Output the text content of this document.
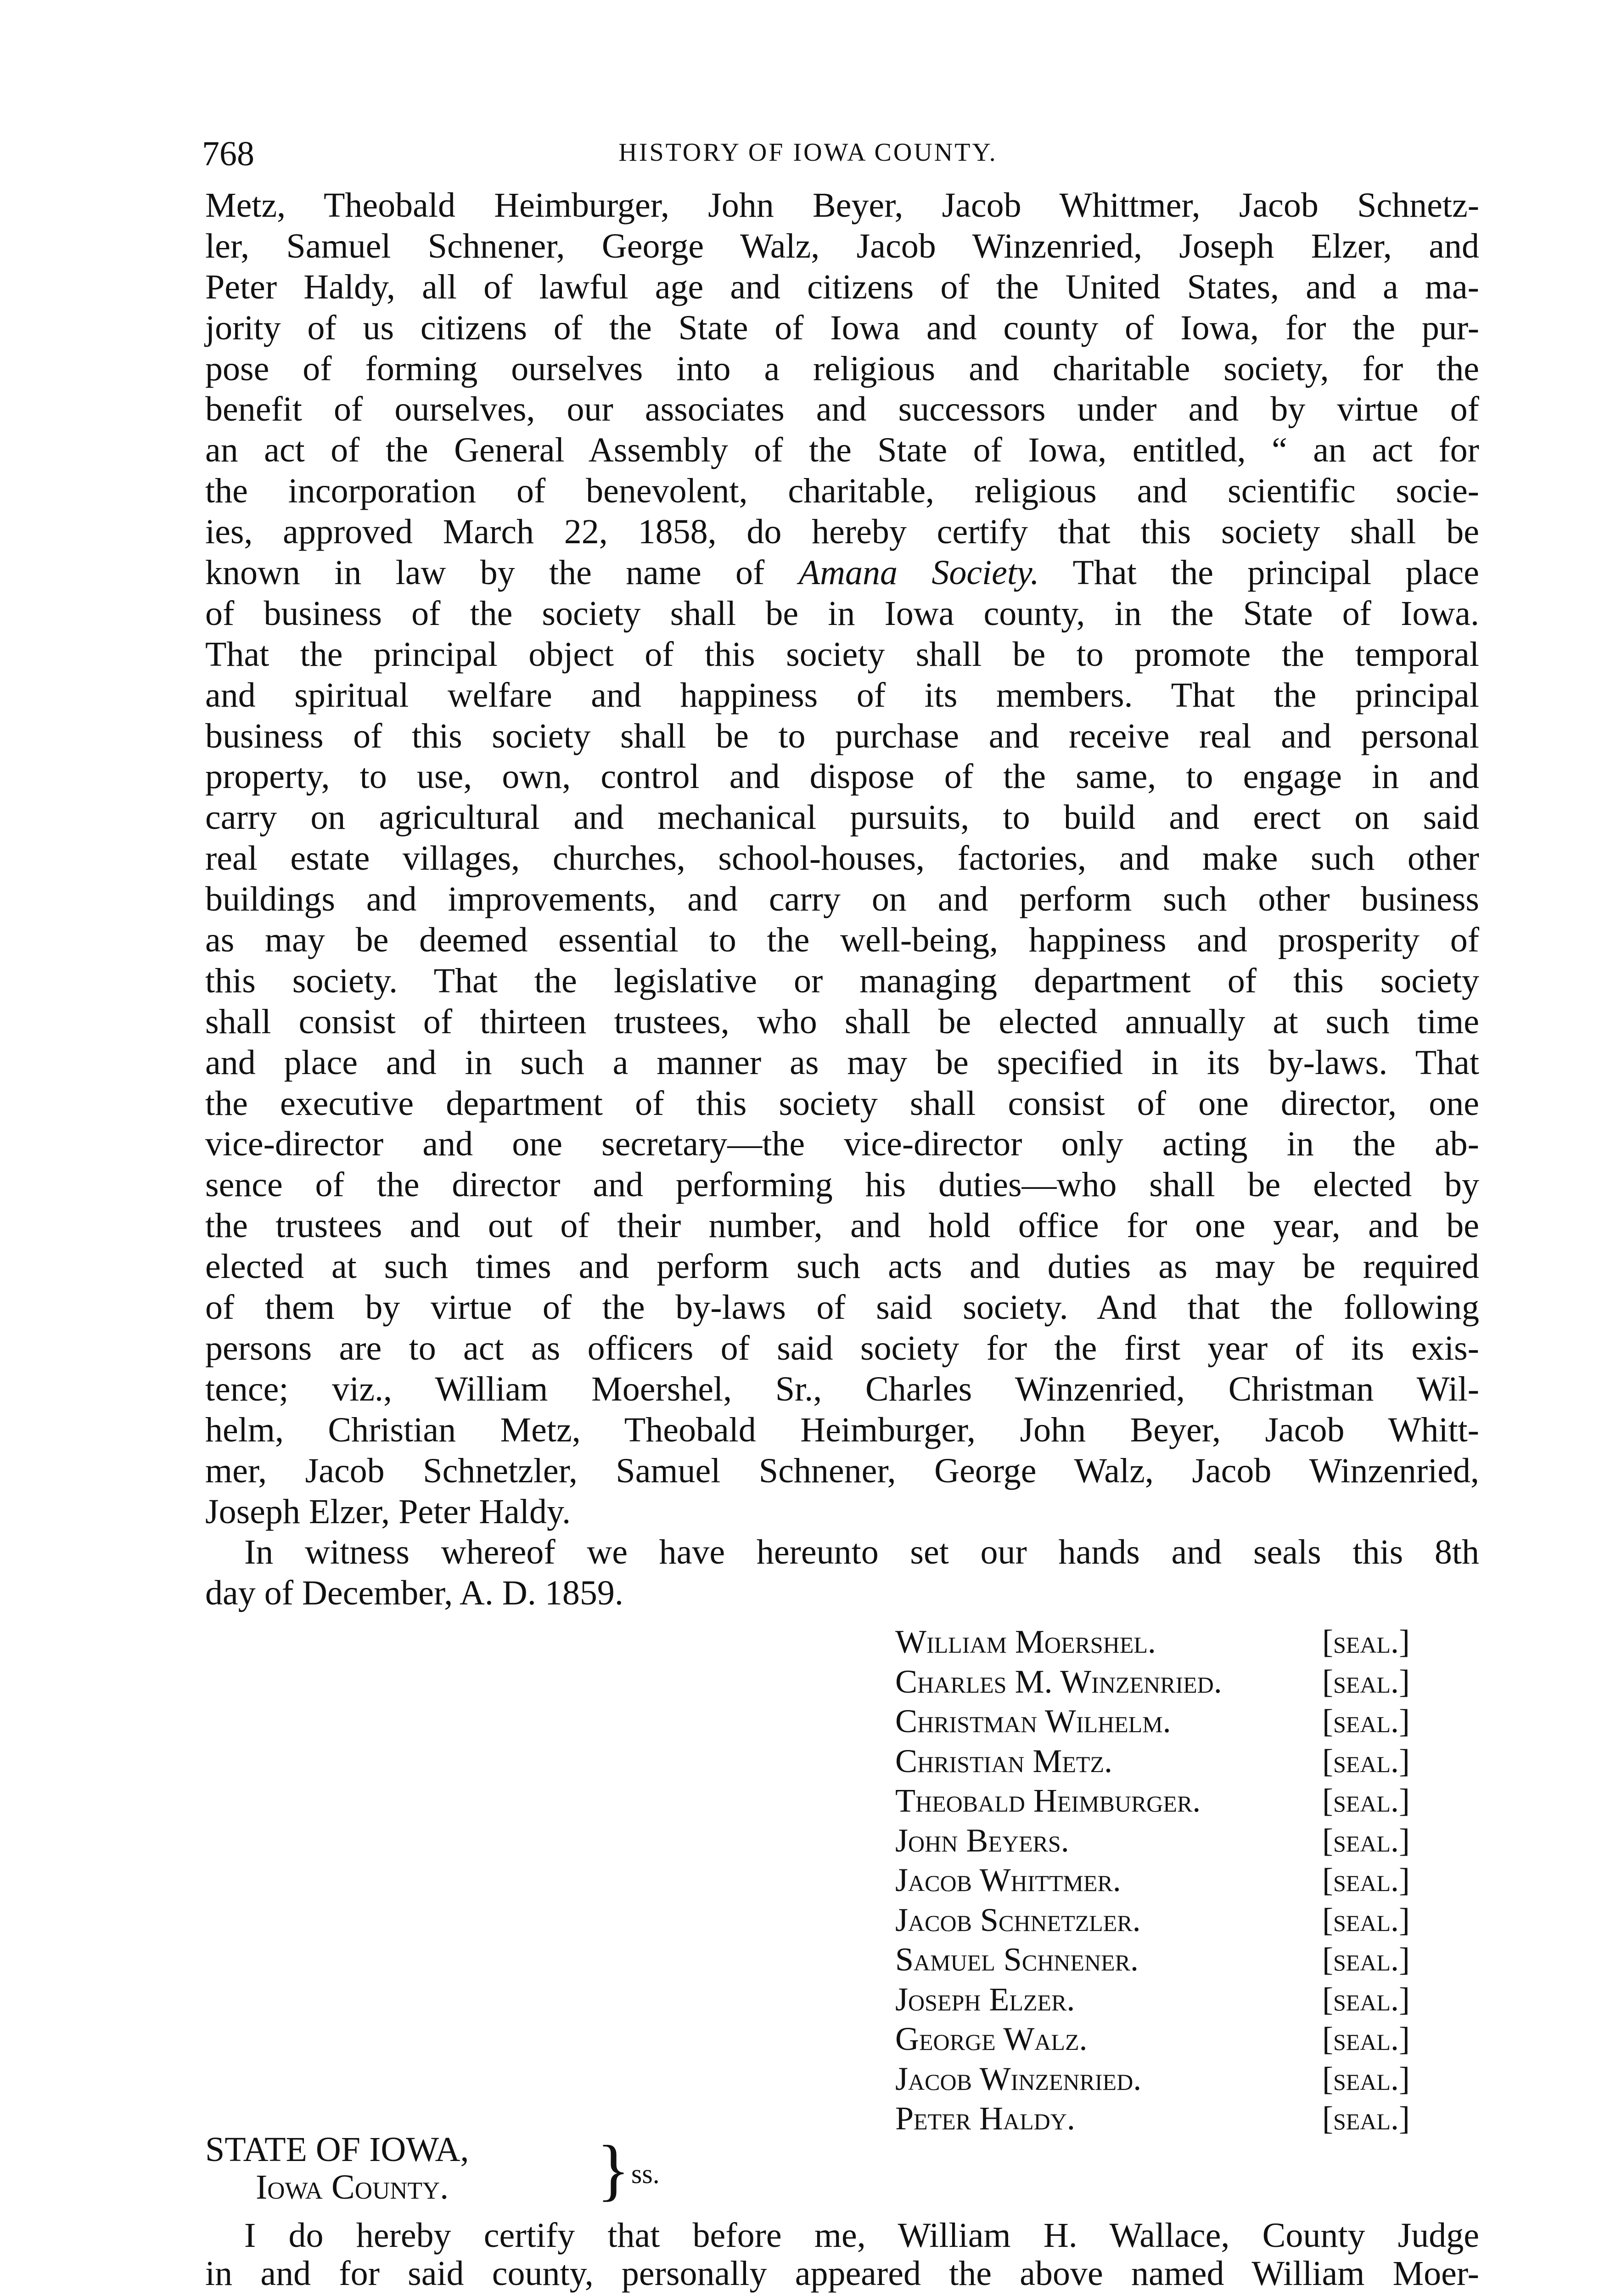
768	HISTORY OF IOWA COUNTY.
Metz, Theobald Heimburger, John Beyer, Jacob Whittmer, Jacob Schnetz-
ler, Samuel Schnener, George Walz, Jacob Winzenried, Joseph Elzer, and
Peter Haldy, all of lawful age and citizens of the United States, and a ma-
jority of us citizens of the State of Iowa and county of Iowa, for the pur-
pose of forming ourselves into a religious and charitable society, for the
benefit of ourselves, our associates and successors under and by virtue of
an act of the General Assembly of the State of Iowa, entitled, “ an act for
the incorporation of benevolent, charitable, religious and scientific socie-
ies, approved March 22, 1858, do hereby certify that this society shall be
known in law by the name of Amana Society. That the principal place
of business of the society shall be in Iowa county, in the State of Iowa.
That the principal object of this society shall be to promote the temporal
and spiritual welfare and happiness of its members. That the principal
business of this society shall be to purchase and receive real and personal
property, to use, own, control and dispose of the same, to engage in and
carry on agricultural and mechanical pursuits, to build and erect on said
real estate villages, churches, school-houses, factories, and make such other
buildings and improvements, and carry on and perform such other business
as may be deemed essential to the well-being, happiness and prosperity of
this society. That the legislative or managing department of this society
shall consist of thirteen trustees, who shall be elected annually at such time
and place and in such a manner as may be specified in its by-laws. That
the executive department of this society shall consist of one director, one
vice-director and one secretary—the vice-director only acting in the ab-
sence of the director and performing his duties—who shall be elected by
the trustees and out of their number, and hold office for one year, and be
elected at such times and perform such acts and duties as may be required
of them by virtue of the by-laws of said society. And that the following
persons are to act as officers of said society for the first year of its exis-
tence; viz., William Moershel, Sr., Charles Winzenried, Christman Wil-
helm, Christian Metz, Theobald Heimburger, John Beyer, Jacob Whitt-
mer, Jacob Schnetzler, Samuel Schnener, George Walz, Jacob Winzenried,
Joseph Elzer, Peter Haldy.
In witness whereof we have hereunto set our hands and seals this 8th
day of December, A. D. 1859.
William Moershel.	[seal.]
Charles M. Winzenried.	[seal.]
Christman Wilhelm.	[seal.]
Christian Metz.	[seal.]
Theobald Heimburger.	[seal.]
John Beyers.	[seal.]
Jacob Whittmer.	[seal.]
Jacob Schnetzler.	[seal.]
Samuel Schnener.	[seal.]
Joseph Elzer.	[seal.]
George Walz.	[seal.]
Jacob Winzenried.	[seal.]
Peter Haldy.	[seal.]
STATE OF IOWA,
Iowa County. } ss.
I do hereby certify that before me, William H. Wallace, County Judge
in and for said county, personally appeared the above named William Moer-
